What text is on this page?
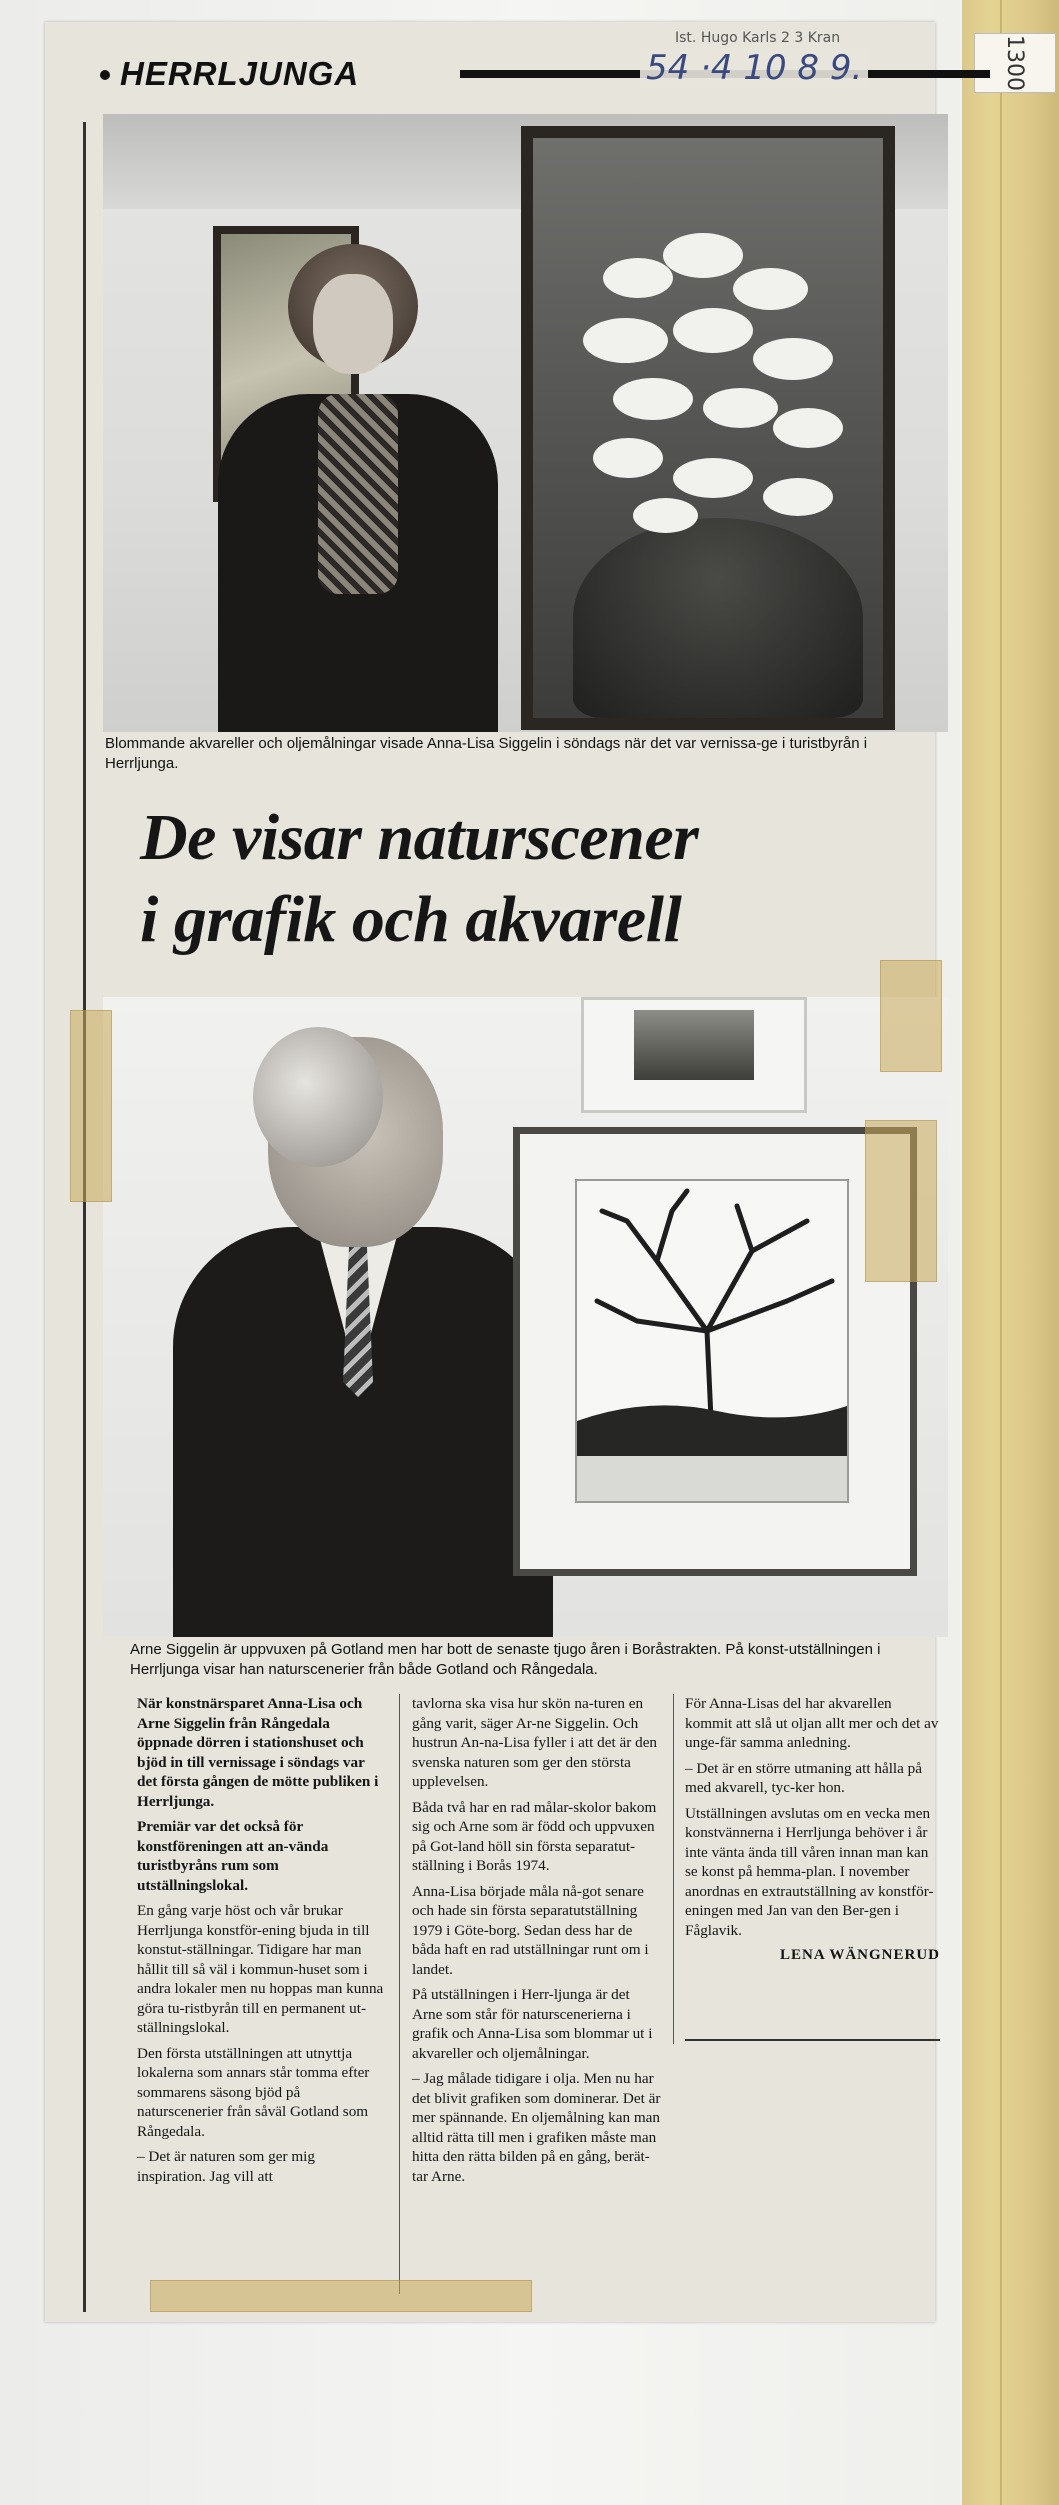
1300
HERRLJUNGA
Ist. Hugo Karls 2 3 Kran
54 ·4 10 8 9.
Blommande akvareller och oljemålningar visade Anna-Lisa Siggelin i söndags när det var vernissa-ge i turistbyrån i Herrljunga.
De visar naturscener
i grafik och akvarell
Arne Siggelin är uppvuxen på Gotland men har bott de senaste tjugo åren i Boråstrakten. På konst-utställningen i Herrljunga visar han naturscenerier från både Gotland och Rångedala.

När konstnärsparet Anna-Lisa och Arne Siggelin från Rångedala öppnade dörren i stationshuset och bjöd in till vernissage i söndags var det första gången de mötte publiken i Herrljunga.

Premiär var det också för konstföreningen att an-vända turistbyråns rum som utställningslokal.

En gång varje höst och vår brukar Herrljunga konstför-ening bjuda in till konstut-ställningar. Tidigare har man hållit till så väl i kommun-huset som i andra lokaler men nu hoppas man kunna göra tu-ristbyrån till en permanent ut-ställningslokal.

Den första utställningen att utnyttja lokalerna som annars står tomma efter sommarens säsong bjöd på naturscenerier från såväl Gotland som Rångedala.

– Det är naturen som ger mig inspiration. Jag vill att

tavlorna ska visa hur skön na-turen en gång varit, säger Ar-ne Siggelin. Och hustrun An-na-Lisa fyller i att det är den svenska naturen som ger den största upplevelsen.

Båda två har en rad målar-skolor bakom sig och Arne som är född och uppvuxen på Got-land höll sin första separatut-ställning i Borås 1974.

Anna-Lisa började måla nå-got senare och hade sin första separatutställning 1979 i Göte-borg. Sedan dess har de båda haft en rad utställningar runt om i landet.

På utställningen i Herr-ljunga är det Arne som står för naturscenerierna i grafik och Anna-Lisa som blommar ut i akvareller och oljemålningar.

– Jag målade tidigare i olja. Men nu har det blivit grafiken som dominerar. Det är mer spännande. En oljemålning kan man alltid rätta till men i grafiken måste man hitta den rätta bilden på en gång, berät-tar Arne.

För Anna-Lisas del har akvarellen kommit att slå ut oljan allt mer och det av unge-fär samma anledning.

– Det är en större utmaning att hålla på med akvarell, tyc-ker hon.

Utställningen avslutas om en vecka men konstvännerna i Herrljunga behöver i år inte vänta ända till våren innan man kan se konst på hemma-plan. I november anordnas en extrautställning av konstför-eningen med Jan van den Ber-gen i Fåglavik.

LENA WÄNGNERUD
